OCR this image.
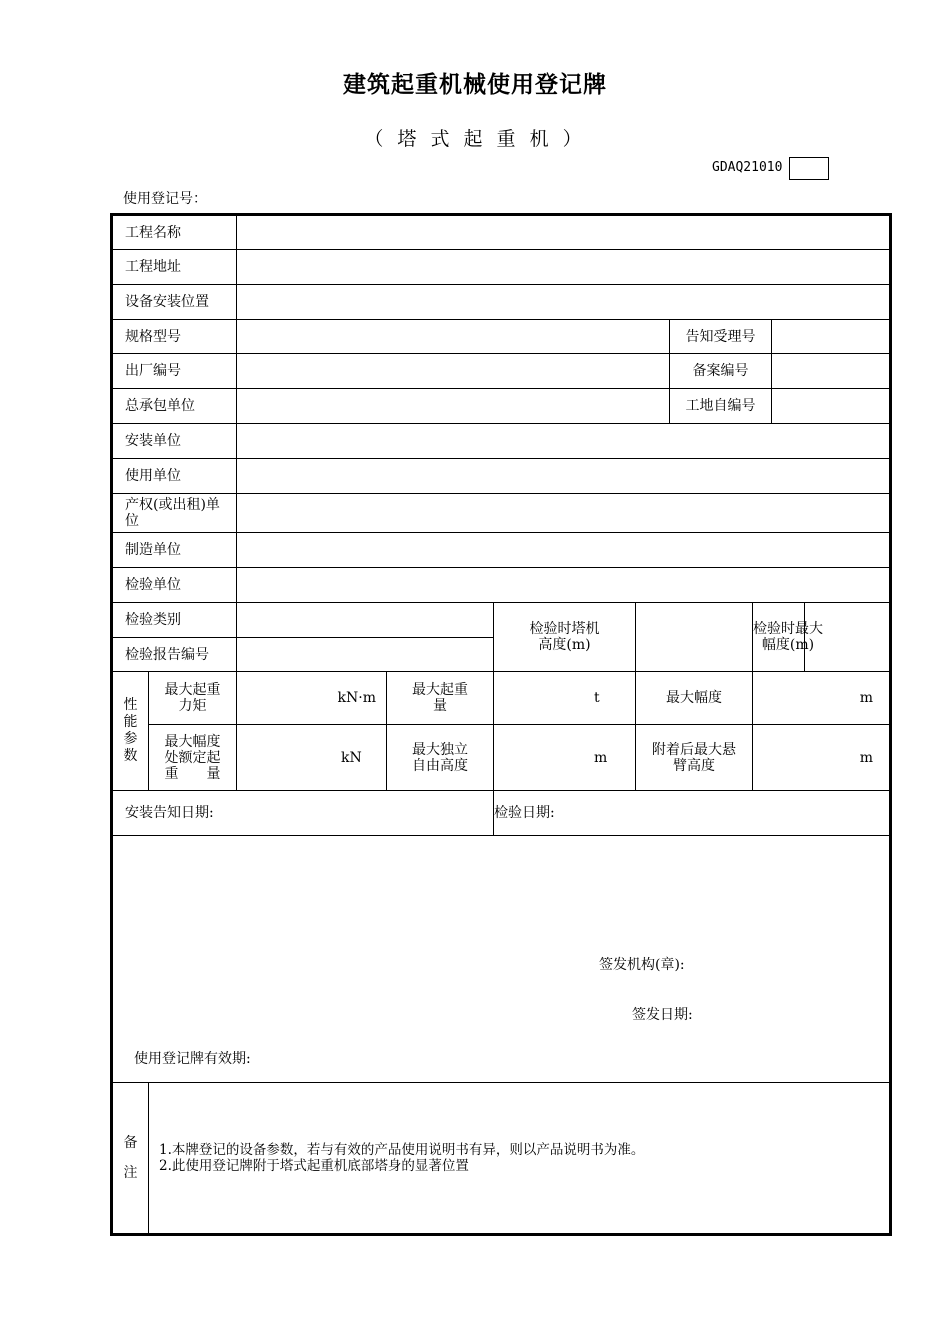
建筑起重机械使用登记牌
（ 塔 式 起 重 机 ）
GDAQ21010
使用登记号：
工程名称									
工程地址									
设备安装位置									
规格型号						告知受理号			
出厂编号						备案编号			
总承包单位						工地自编号			
安装单位									
使用单位									

产权(或出租)单位									

制造单位									
检验单位									
检验类别				检验时塔机高度(m)			检验时最大幅度(m)		

检验报告编号									
性能参数	最大起重力矩	kN·m	最大起重　量	t	最大幅度		m		

	最大幅度处额定起重　　量	kN	最大独立自由高度	m	附着后最大悬臂高度		m		
安装告知日期:				检验日期:					

签发机构(章):
签发日期:
使用登记牌有效期:									

备注	1.本牌登记的设备参数，若与有效的产品使用说明书有异，则以产品说明书为准。
2.此使用登记牌附于塔式起重机底部塔身的显著位置								
